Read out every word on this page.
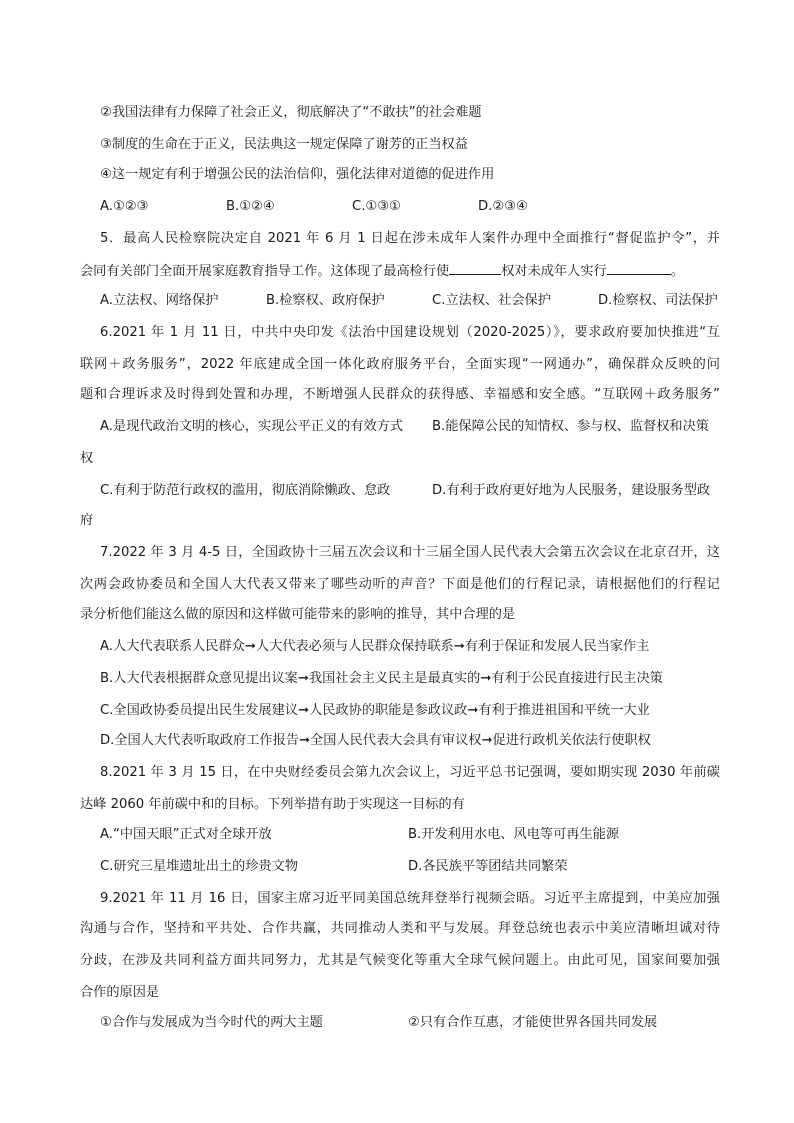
②我国法律有力保障了社会正义，彻底解决了“不敢扶”的社会难题
③制度的生命在于正义，民法典这一规定保障了谢芳的正当权益
④这一规定有利于增强公民的法治信仰，强化法律对道德的促进作用
A.①②③	B.①②④	C.①③①	D.②③④
5．最高人民检察院决定自 2021 年 6 月 1 日起在涉未成年人案件办理中全面推行“督促监护令”，并
会同有关部门全面开展家庭教育指导工作。这体现了最高检行使	权对未成年人实行	。
A.立法权、网络保护	B.检察权、政府保护	C.立法权、社会保护	D.检察权、司法保护
6.2021 年 1 月 11 日，中共中央印发《法治中国建设规划（2020-2025）》，要求政府要加快推进“互
联网＋政务服务”，2022 年底建成全国一体化政府服务平台，全面实现“一网通办”，确保群众反映的问
题和合理诉求及时得到处置和办理，不断增强人民群众的获得感、幸福感和安全感。“互联网＋政务服务”
A.是现代政治文明的核心，实现公平正义的有效方式 B.能保障公民的知情权、参与权、监督权和决策
权
C.有利于防范行政权的滥用，彻底消除懒政、怠政	D.有利于政府更好地为人民服务，建设服务型政
府
7.2022 年 3 月 4-5 日，全国政协十三届五次会议和十三届全国人民代表大会第五次会议在北京召开，这
次两会政协委员和全国人大代表又带来了哪些动听的声音？下面是他们的行程记录，请根据他们的行程记
录分析他们能这么做的原因和这样做可能带来的影响的推导，其中合理的是
A.人大代表联系人民群众➞人大代表必须与人民群众保持联系➞有利于保证和发展人民当家作主
B.人大代表根据群众意见提出议案➞我国社会主义民主是最真实的➞有利于公民直接进行民主决策
C.全国政协委员提出民生发展建议➞人民政协的职能是参政议政➞有利于推进祖国和平统一大业
D.全国人大代表听取政府工作报告➞全国人民代表大会具有审议权➞促进行政机关依法行使职权
8.2021 年 3 月 15 日，在中央财经委员会第九次会议上，习近平总书记强调，要如期实现 2030 年前碳
达峰 2060 年前碳中和的目标。下列举措有助于实现这一目标的有
A.“中国天眼”正式对全球开放	B.开发利用水电、风电等可再生能源
C.研究三星堆遗址出土的珍贵文物	D.各民族平等团结共同繁荣
9.2021 年 11 月 16 日，国家主席习近平同美国总统拜登举行视频会晤。习近平主席提到，中美应加强
沟通与合作，坚持和平共处、合作共赢，共同推动人类和平与发展。拜登总统也表示中美应清晰坦诚对待
分歧，在涉及共同利益方面共同努力，尤其是气候变化等重大全球气候问题上。由此可见，国家间要加强
合作的原因是
①合作与发展成为当今时代的两大主题	②只有合作互惠，才能使世界各国共同发展
